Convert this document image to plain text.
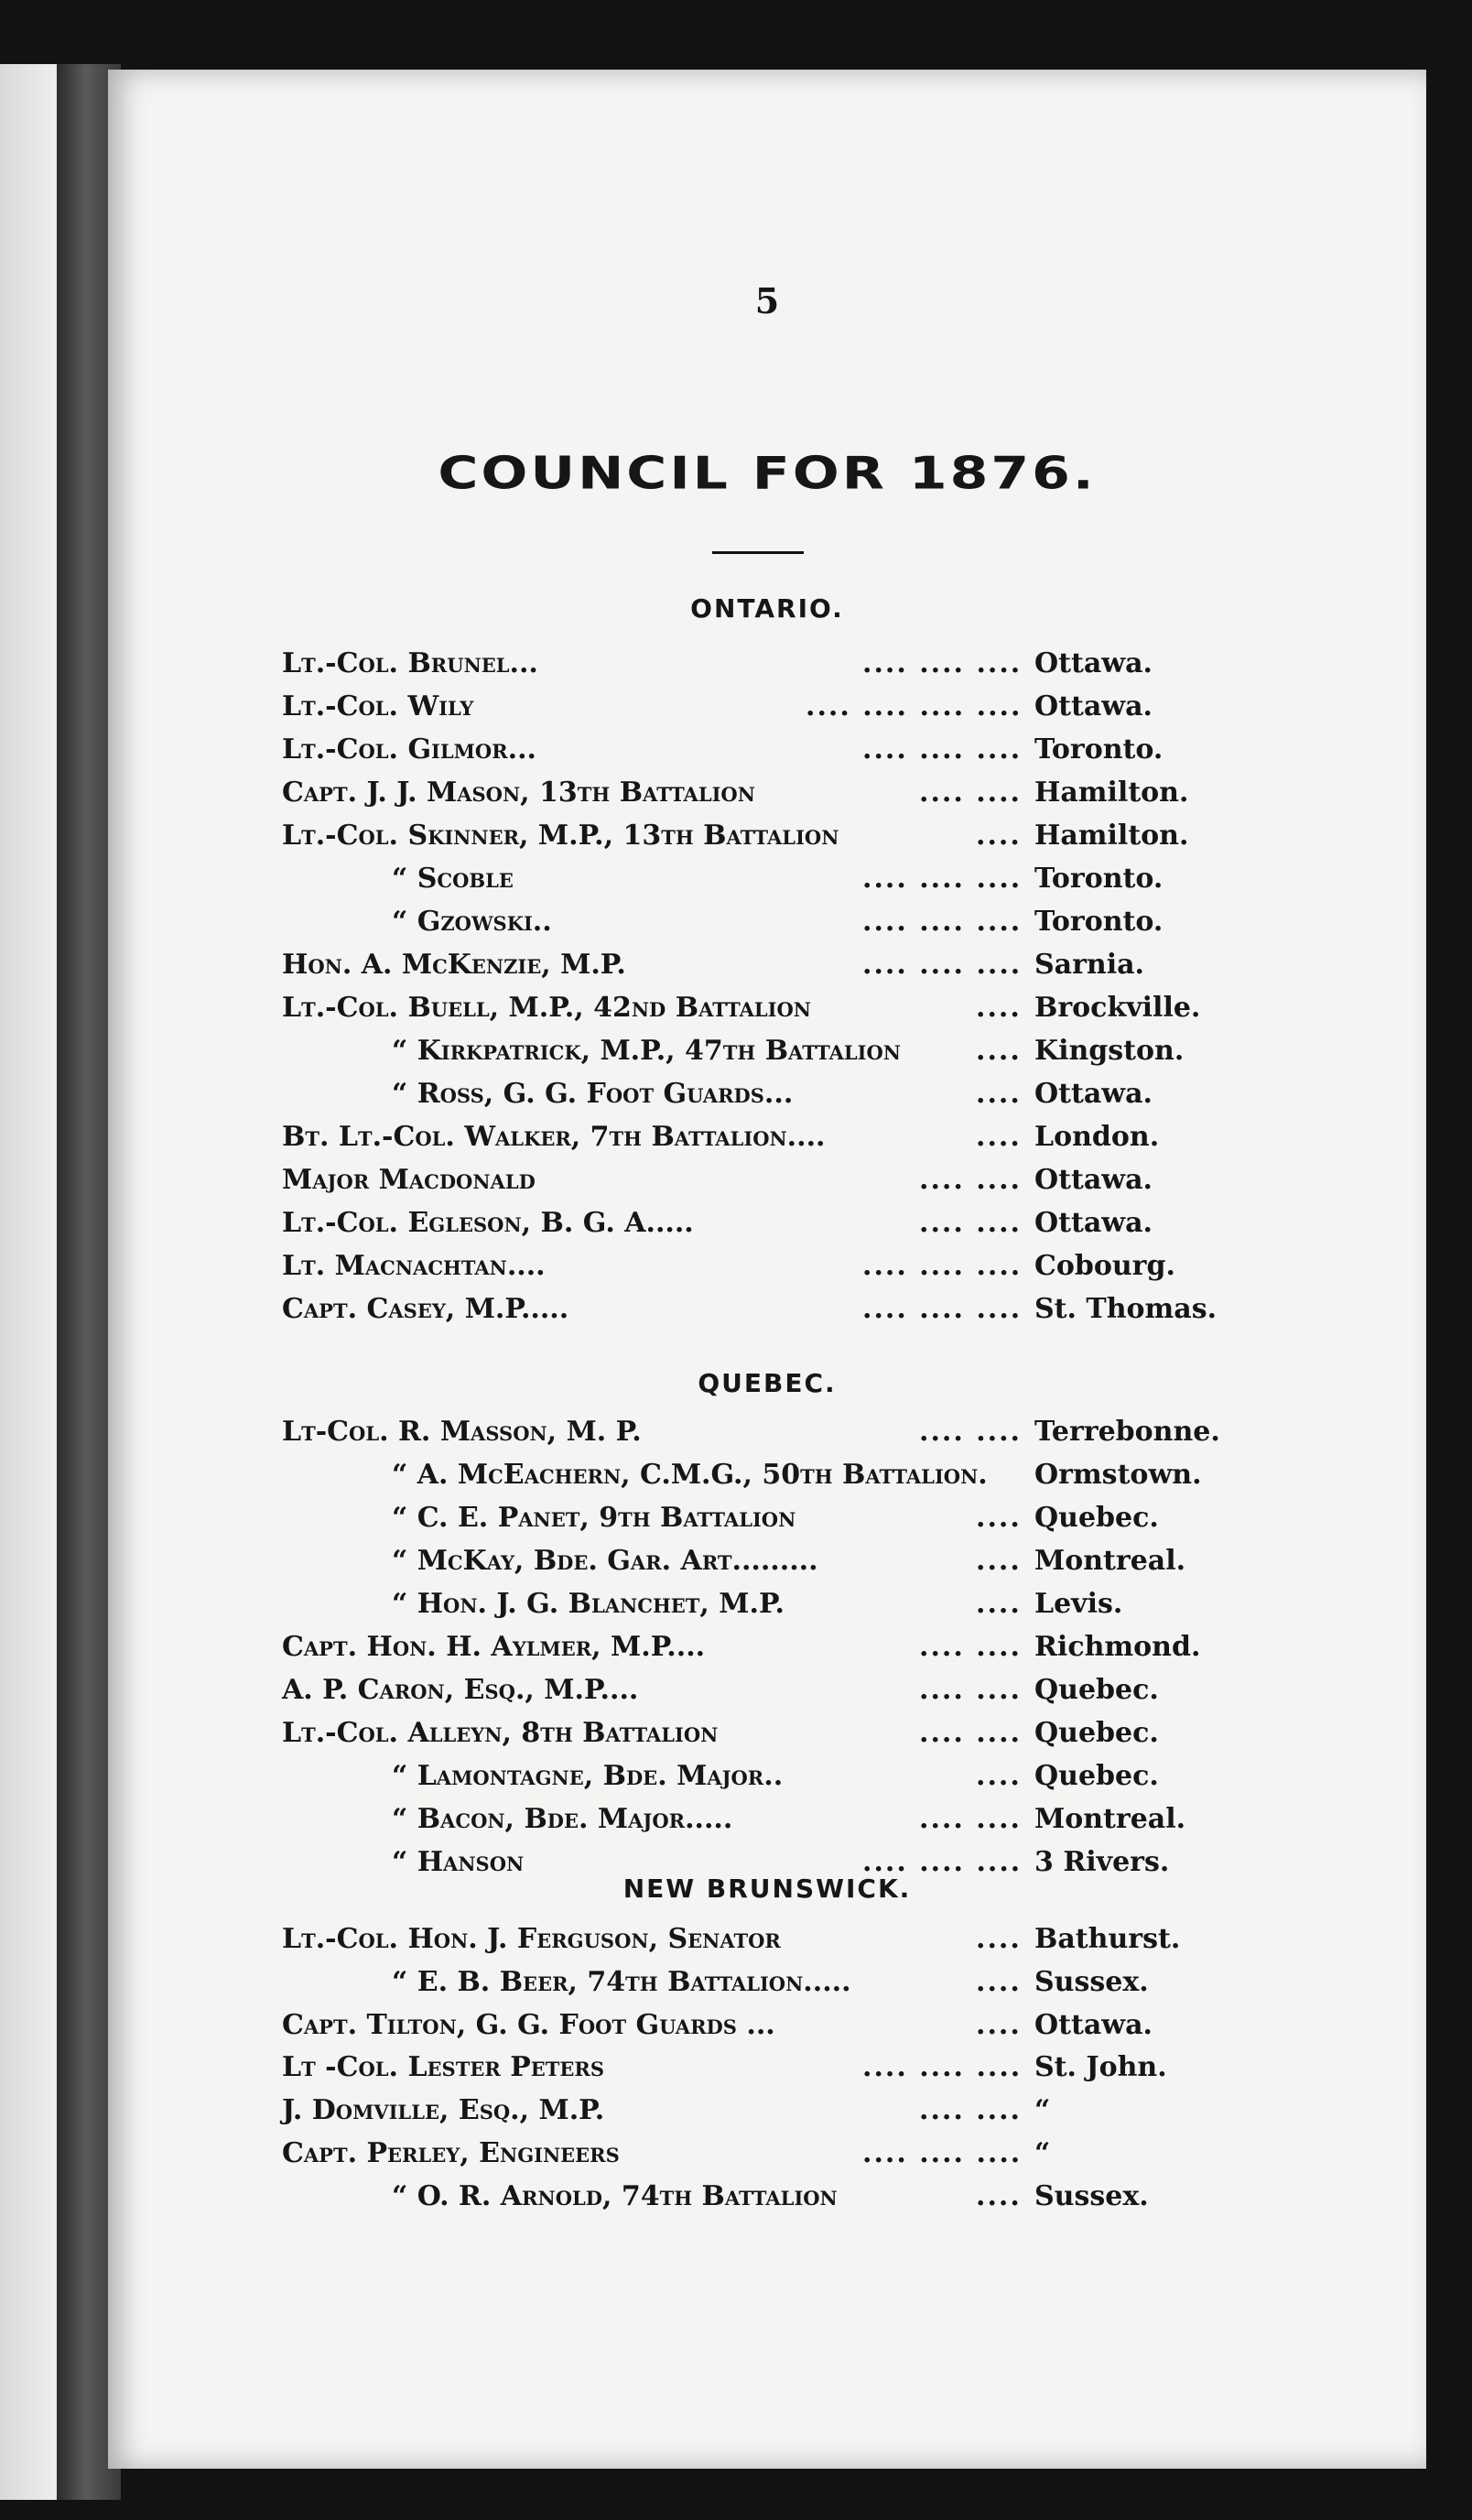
5
COUNCIL FOR 1876.
ONTARIO.
Lt.-Col. Brunel...	.... .... .... Ottawa.
Lt.-Col. Wily	.... .... .... .... Ottawa.
Lt.-Col. Gilmor...	.... .... .... Toronto.
Capt. J. J. Mason, 13th Battalion	.... .... Hamilton.
Lt.-Col. Skinner, M.P., 13th Battalion	.... Hamilton.
“ Scoble	.... .... .... Toronto.
“ Gzowski..	.... .... .... Toronto.
Hon. A. McKenzie, M.P.	.... .... .... Sarnia.
Lt.-Col. Buell, M.P., 42nd Battalion	.... Brockville.
“ Kirkpatrick, M.P., 47th Battalion	.... Kingston.
“ Ross, G. G. Foot Guards...	.... Ottawa.
Bt. Lt.-Col. Walker, 7th Battalion....	.... London.
Major Macdonald	.... .... Ottawa.
Lt.-Col. Egleson, B. G. A.....	.... .... Ottawa.
Lt. Macnachtan....	.... .... .... Cobourg.
Capt. Casey, M.P.....	.... .... .... St. Thomas.
QUEBEC.
Lt-Col. R. Masson, M. P.	.... .... Terrebonne.
“ A. McEachern, C.M.G., 50th Battalion. Ormstown.
“ C. E. Panet, 9th Battalion	.... Quebec.
“ McKay, Bde. Gar. Art.........	.... Montreal.
“ Hon. J. G. Blanchet, M.P.	.... Levis.
Capt. Hon. H. Aylmer, M.P....	.... .... Richmond.
A. P. Caron, Esq., M.P....	.... .... Quebec.
Lt.-Col. Alleyn, 8th Battalion	.... .... Quebec.
“ Lamontagne, Bde. Major..	.... Quebec.
“ Bacon, Bde. Major.....	.... .... Montreal.
“ Hanson	.... .... .... 3 Rivers.
NEW BRUNSWICK.
Lt.-Col. Hon. J. Ferguson, Senator	.... Bathurst.
“ E. B. Beer, 74th Battalion.....	.... Sussex.
Capt. Tilton, G. G. Foot Guards ...	.... Ottawa.
Lt -Col. Lester Peters	.... .... .... St. John.
J. Domville, Esq., M.P.	.... .... “
Capt. Perley, Engineers	.... .... .... “
“ O. R. Arnold, 74th Battalion	.... Sussex.
